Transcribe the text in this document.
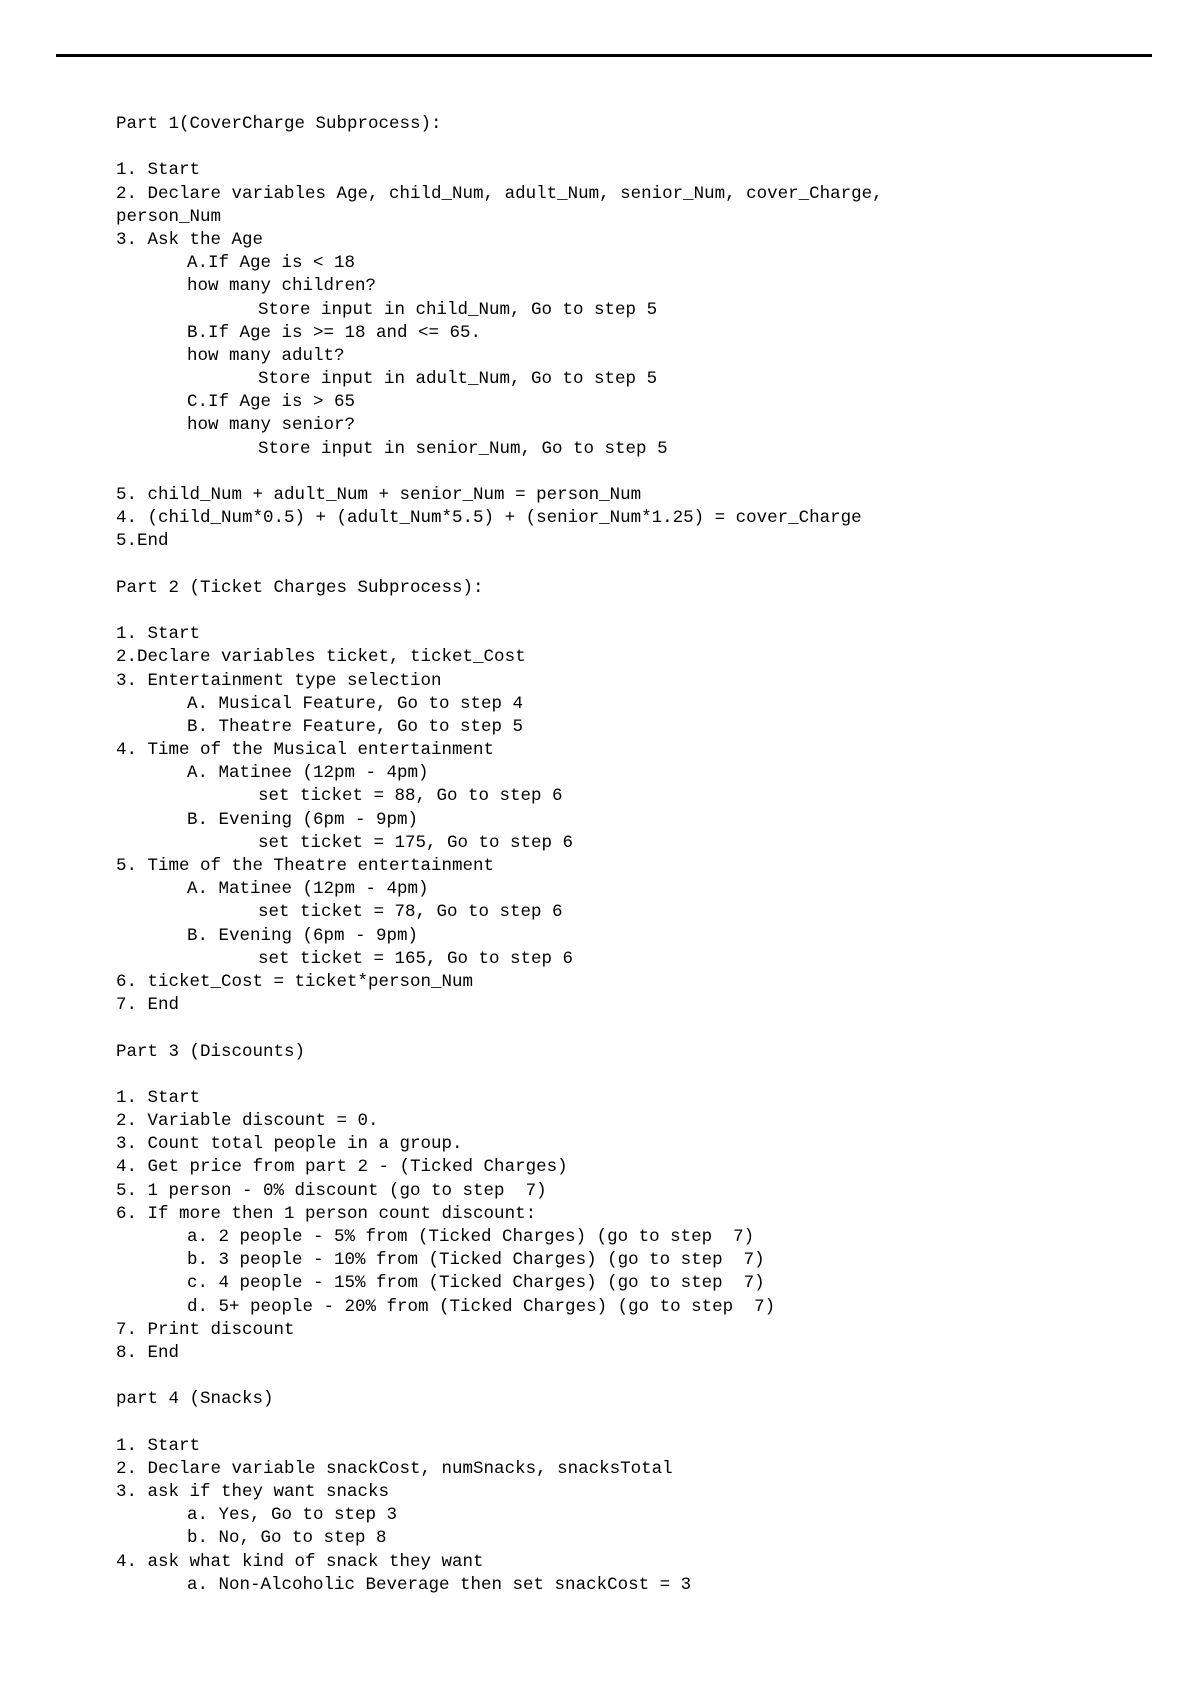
Part 1(CoverCharge Subprocess):
1. Start
2. Declare variables Age, child_Num, adult_Num, senior_Num, cover_Charge,
person_Num
3. Ask the Age
A.If Age is < 18
how many children?
Store input in child_Num, Go to step 5
B.If Age is >= 18 and <= 65.
how many adult?
Store input in adult_Num, Go to step 5
C.If Age is > 65
how many senior?
Store input in senior_Num, Go to step 5
5. child_Num + adult_Num + senior_Num = person_Num
4. (child_Num*0.5) + (adult_Num*5.5) + (senior_Num*1.25) = cover_Charge
5.End
Part 2 (Ticket Charges Subprocess):
1. Start
2.Declare variables ticket, ticket_Cost
3. Entertainment type selection
A. Musical Feature, Go to step 4
B. Theatre Feature, Go to step 5
4. Time of the Musical entertainment
A. Matinee (12pm - 4pm)
set ticket = 88, Go to step 6
B. Evening (6pm - 9pm)
set ticket = 175, Go to step 6
5. Time of the Theatre entertainment
A. Matinee (12pm - 4pm)
set ticket = 78, Go to step 6
B. Evening (6pm - 9pm)
set ticket = 165, Go to step 6
6. ticket_Cost = ticket*person_Num
7. End
Part 3 (Discounts)
1. Start
2. Variable discount = 0.
3. Count total people in a group.
4. Get price from part 2 - (Ticked Charges)
5. 1 person - 0% discount (go to step  7)
6. If more then 1 person count discount:
a. 2 people - 5% from (Ticked Charges) (go to step  7)
b. 3 people - 10% from (Ticked Charges) (go to step  7)
c. 4 people - 15% from (Ticked Charges) (go to step  7)
d. 5+ people - 20% from (Ticked Charges) (go to step  7)
7. Print discount
8. End
part 4 (Snacks)
1. Start
2. Declare variable snackCost, numSnacks, snacksTotal
3. ask if they want snacks
a. Yes, Go to step 3
b. No, Go to step 8
4. ask what kind of snack they want
a. Non-Alcoholic Beverage then set snackCost = 3
